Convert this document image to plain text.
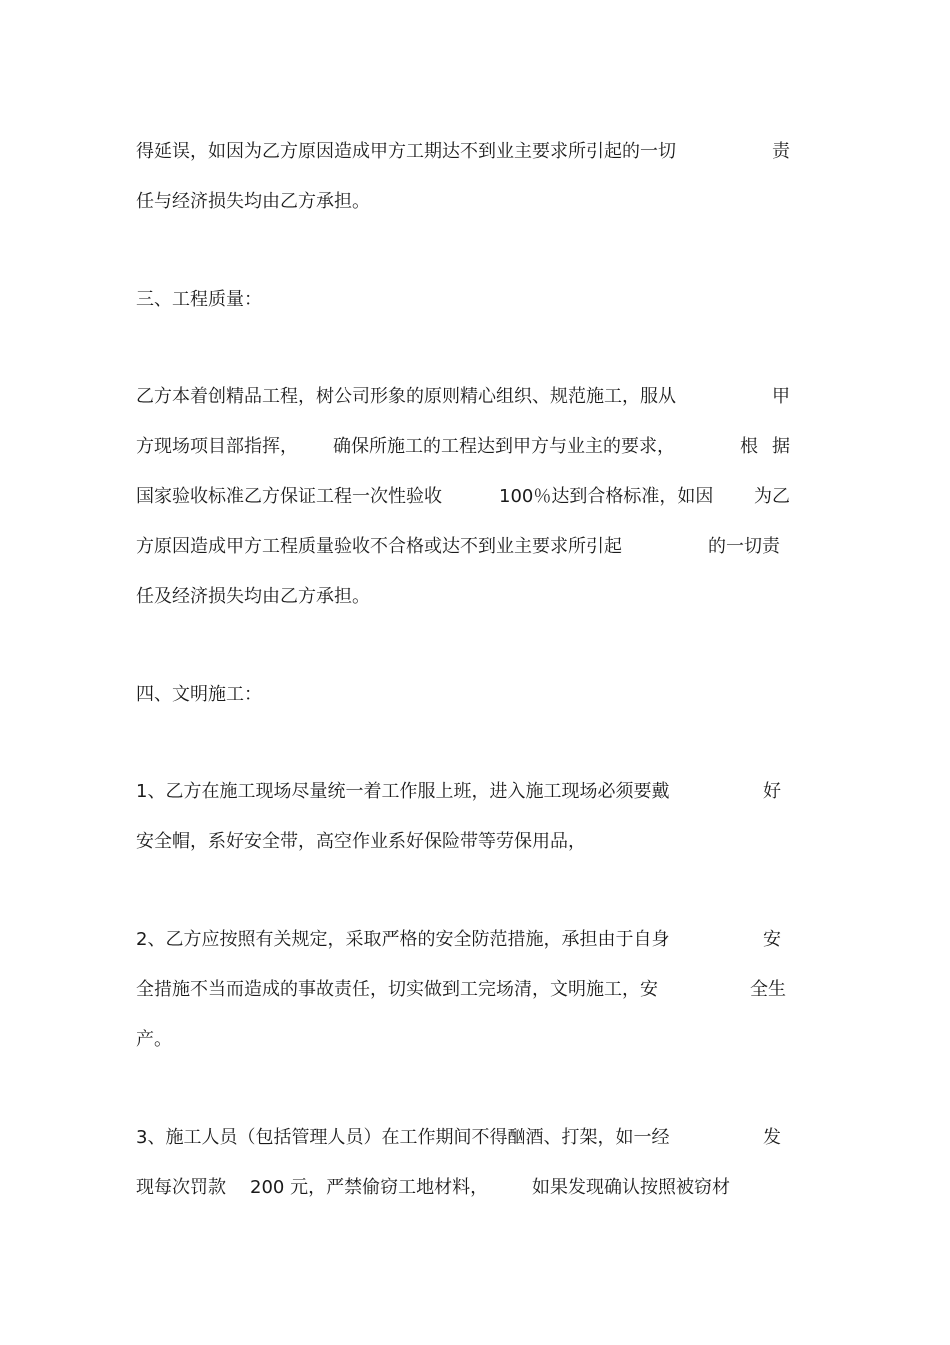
得延误，如因为乙方原因造成甲方工期达不到业主要求所引起的一切	责
任与经济损失均由乙方承担。
三、工程质量：
乙方本着创精品工程，树公司形象的原则精心组织、规范施工，服从	甲
方现场项目部指挥， 确保所施工的工程达到甲方与业主的要求，	根 据
国家验收标准乙方保证工程一次性验收	100％达到合格标准，如因 为乙
方原因造成甲方工程质量验收不合格或达不到业主要求所引起	的一切责
任及经济损失均由乙方承担。
四、文明施工：
1、乙方在施工现场尽量统一着工作服上班，进入施工现场必须要戴	好
安全帽，系好安全带，高空作业系好保险带等劳保用品，
2、乙方应按照有关规定，采取严格的安全防范措施，承担由于自身	安
全措施不当而造成的事故责任，切实做到工完场清，文明施工，安	全生
产。
3、施工人员（包括管理人员）在工作期间不得酗酒、打架，如一经	发
现每次罚款 200 元，严禁偷窃工地材料， 如果发现确认按照被窃材
